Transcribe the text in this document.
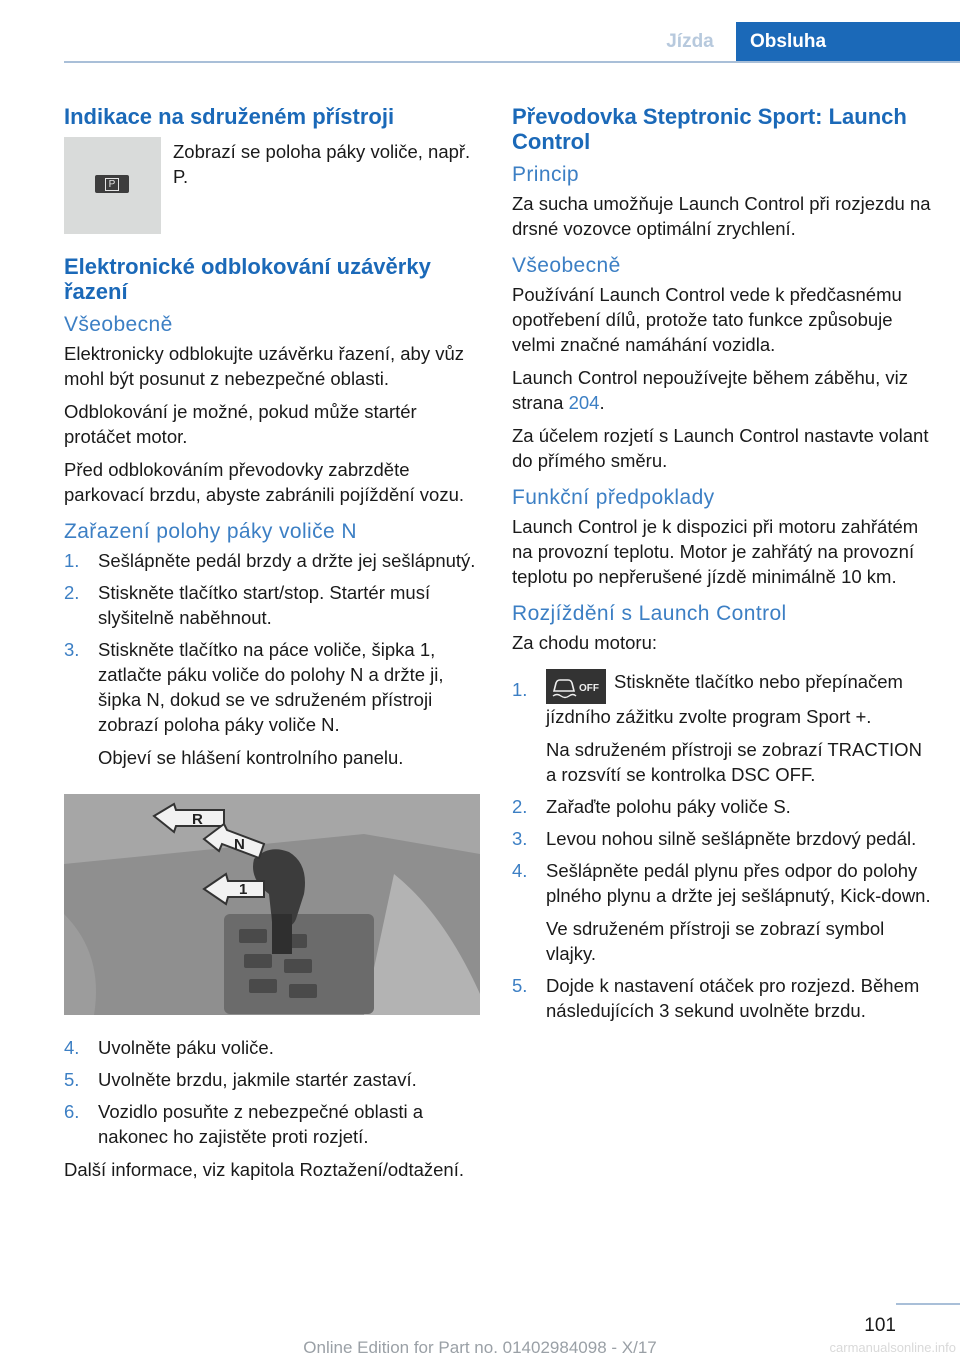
Jízda	Obsluha
Indikace na sdruženém přístroji
P
Zobrazí se poloha páky voliče, např. P.
Elektronické odblokování uzávěrky řazení
Všeobecně

Elektronicky odblokujte uzávěrku řazení, aby vůz mohl být posunut z nebezpečné oblasti.

Odblokování je možné, pokud může startér protáčet motor.

Před odblokováním převodovky zabrzděte parkovací brzdu, abyste zabránili pojíždění vozu.

Zařazení polohy páky voliče N
1.	Sešlápněte pedál brzdy a držte jej sešlápnutý.

2.	Stiskněte tlačítko start/stop. Startér musí slyšitelně naběhnout.

3.	Stiskněte tlačítko na páce voliče, šipka 1, zatlačte páku voliče do polohy N a držte ji, šipka N, dokud se ve sdruženém přístroji zobrazí poloha páky voliče N.

Objeví se hlášení kontrolního panelu.

R
N
1
4.	Uvolněte páku voliče.

5.	Uvolněte brzdu, jakmile startér zastaví.

6.	Vozidlo posuňte z nebezpečné oblasti a nakonec ho zajistěte proti rozjetí.

Další informace, viz kapitola Roztažení/odtažení.

Převodovka Steptronic Sport: Launch Control
Princip

Za sucha umožňuje Launch Control při rozjezdu na drsné vozovce optimální zrychlení.

Všeobecně

Používání Launch Control vede k předčasnému opotřebení dílů, protože tato funkce způsobuje velmi značné namáhání vozidla.

Launch Control nepoužívejte během záběhu, viz strana 204.

Za účelem rozjetí s Launch Control nastavte volant do přímého směru.

Funkční předpoklady

Launch Control je k dispozici při motoru zahřátém na provozní teplotu. Motor je zahřátý na provozní teplotu po nepřerušené jízdě minimálně 10 km.

Rozjíždění s Launch Control

Za chodu motoru:

1.	OFF Stiskněte tlačítko nebo přepínačem jízdního zážitku zvolte program Sport +.

Na sdruženém přístroji se zobrazí TRACTION a rozsvítí se kontrolka DSC OFF.

2.	Zařaďte polohu páky voliče S.

3.	Levou nohou silně sešlápněte brzdový pedál.

4.	Sešlápněte pedál plynu přes odpor do polohy plného plynu a držte jej sešlápnutý, Kick-down.

Ve sdruženém přístroji se zobrazí symbol vlajky.

5.	Dojde k nastavení otáček pro rozjezd. Během následujících 3 sekund uvolněte brzdu.

101
Online Edition for Part no. 01402984098 - X/17	carmanualsonline.info
